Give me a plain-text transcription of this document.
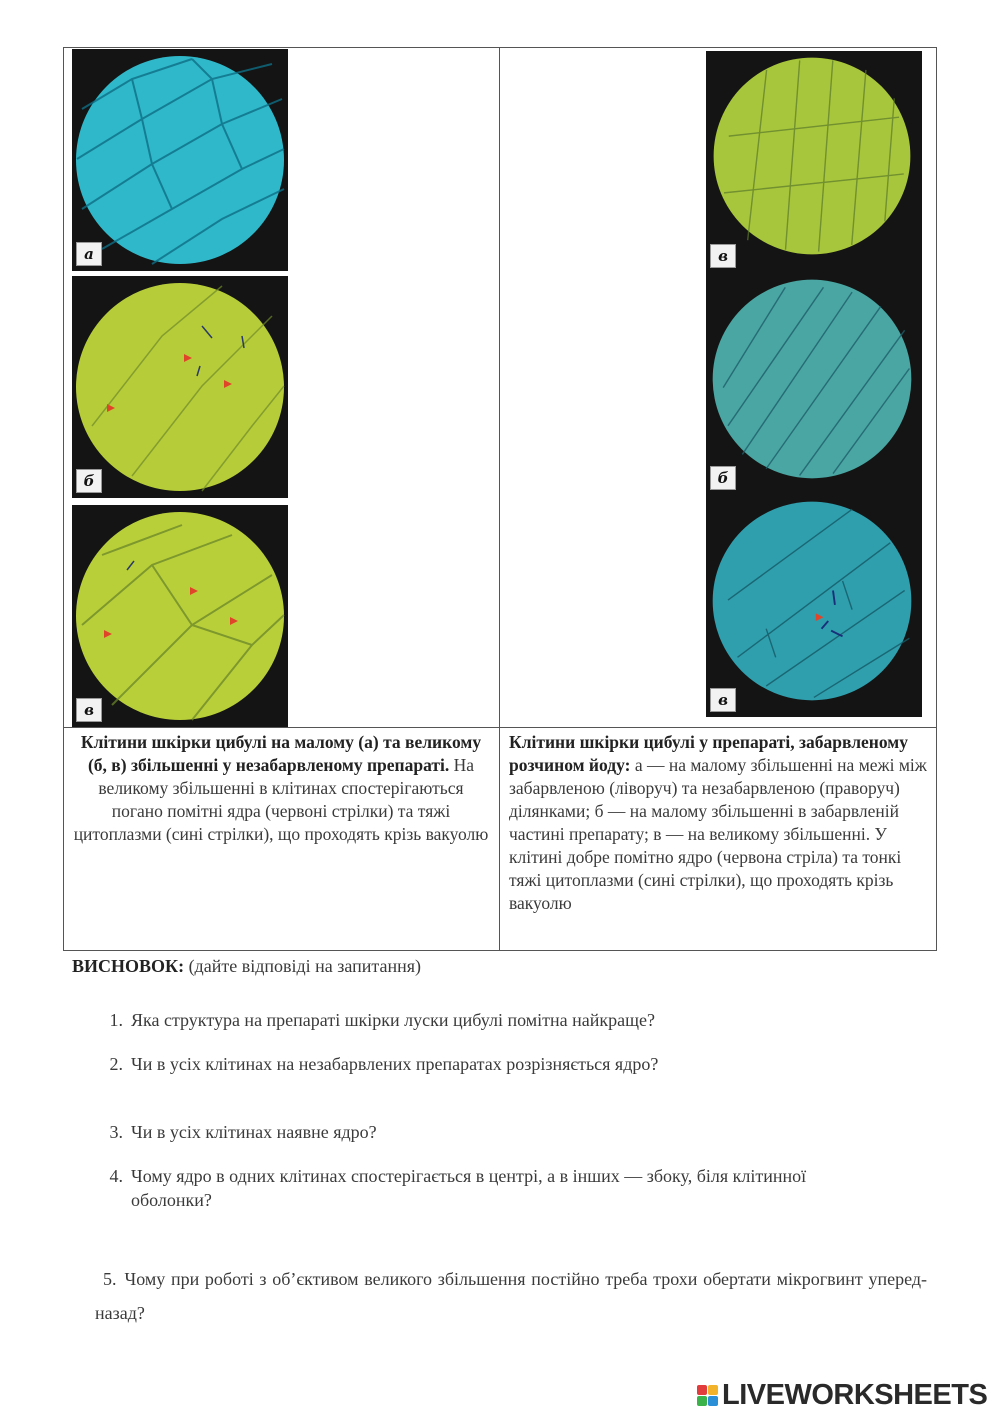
а
б
в
в
б
в
Клітини шкірки цибулі на малому (а) та великому (б, в) збільшенні у незабарвленому препараті. На великому збільшенні в клітинах спостерігаються погано помітні ядра (червоні стрілки) та тяжі цитоплазми (сині стрілки), що проходять крізь вакуолю
Клітини шкірки цибулі у препараті, забарвленому розчином йоду: а — на малому збільшенні на межі між забарвленою (ліворуч) та незабарвленою (праворуч) ділянками; б — на малому збільшенні в забарвленій частині препарату; в — на великому збільшенні. У клітині добре помітно ядро (червона стріла) та тонкі тяжі цитоплазми (сині стрілки), що проходять крізь вакуолю
ВИСНОВОК: (дайте відповіді на запитання)
1. Яка структура на препараті шкірки луски цибулі помітна найкраще?
2. Чи в усіх клітинах на незабарвлених препаратах розрізняється ядро?
3. Чи в усіх клітинах наявне ядро?
4. Чому ядро в одних клітинах спостерігається в центрі, а в інших — збоку, біля клітинної
оболонки?
5. Чому при роботі з об’єктивом великого збільшення постійно треба трохи обертати мікрогвинт уперед-назад?
LIVEWORKSHEETS
